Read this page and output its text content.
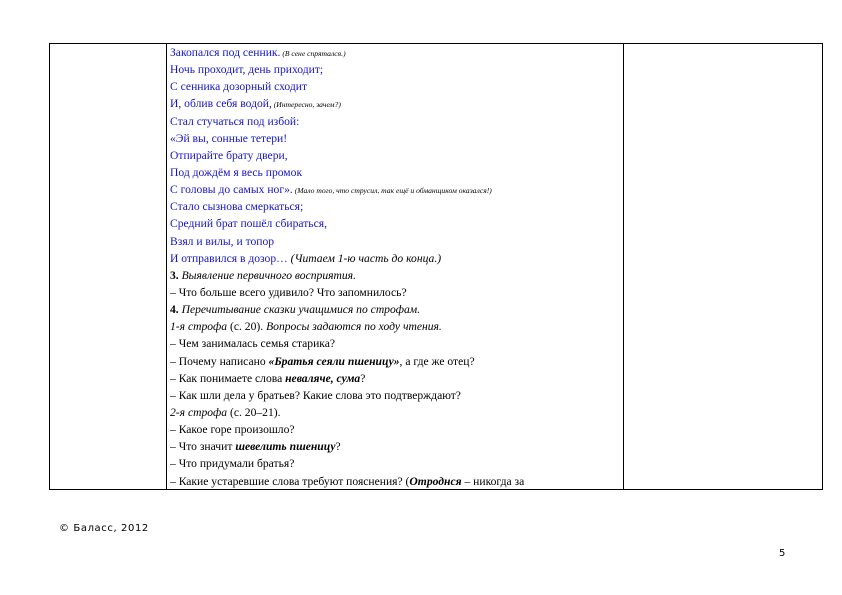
Закопался под сенник. (В сене спрятался.)
Ночь проходит, день приходит;
С сенника дозорный сходит
И, облив себя водой, (Интересно, зачем?)
Стал стучаться под избой:
«Эй вы, сонные тетери!
Отпирайте брату двери,
Под дождём я весь промок
С головы до самых ног». (Мало того, что струсил, так ещё и обманщиком оказался!)
Стало сызнова смеркаться;
Средний брат пошёл сбираться,
Взял и вилы, и топор
И отправился в дозор… (Читаем 1-ю часть до конца.)
3. Выявление первичного восприятия.
– Что больше всего удивило? Что запомнилось?
4. Перечитывание сказки учащимися по строфам.
1-я строфа (с. 20). Вопросы задаются по ходу чтения.
– Чем занималась семья старика?
– Почему написано «Братья сеяли пшеницу», а где же отец?
– Как понимаете слова неваляче, сума?
– Как шли дела у братьев? Какие слова это подтверждают?
2-я строфа (с. 20–21).
– Какое горе произошло?
– Что значит шевелить пшеницу?
– Что придумали братья?
– Какие устаревшие слова требуют пояснения? (Отроднся – никогда за
© Баласс, 2012
5
